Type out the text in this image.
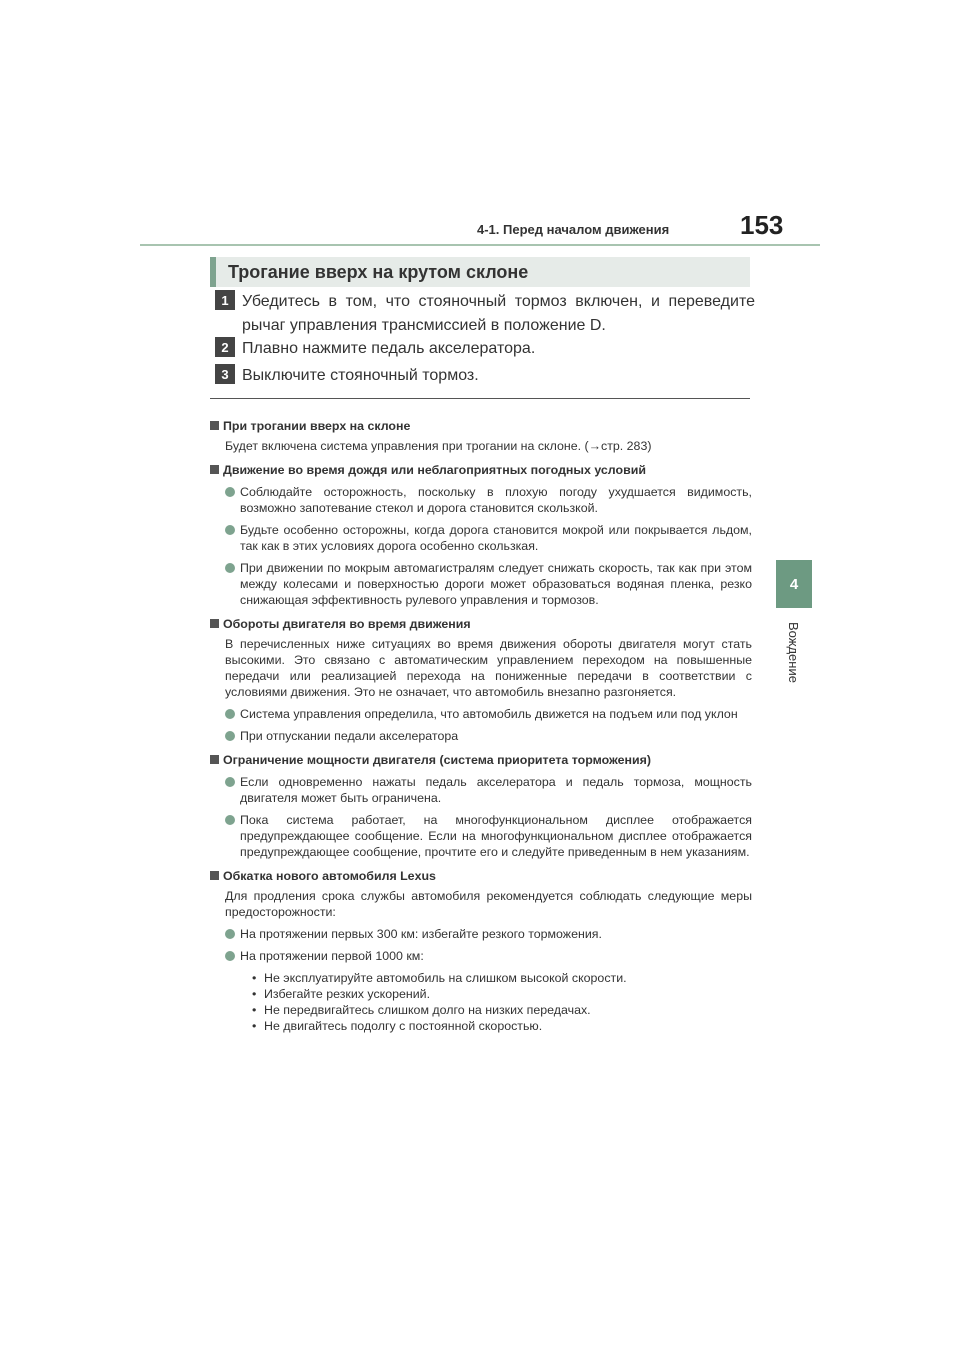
4-1. Перед началом движения	153
4
Вождение
Трогание вверх на крутом склоне
1 Убедитесь в том, что стояночный тормоз включен, и переведите рычаг управления трансмиссией в положение D.
2 Плавно нажмите педаль акселератора.
3 Выключите стояночный тормоз.
При трогании вверх на склоне
Будет включена система управления при трогании на склоне. (→стр. 283)
Движение во время дождя или неблагоприятных погодных условий
Соблюдайте осторожность, поскольку в плохую погоду ухудшается видимость, возможно запотевание стекол и дорога становится скользкой.
Будьте особенно осторожны, когда дорога становится мокрой или покрывается льдом, так как в этих условиях дорога особенно скользкая.
При движении по мокрым автомагистралям следует снижать скорость, так как при этом между колесами и поверхностью дороги может образоваться водяная пленка, резко снижающая эффективность рулевого управления и тормозов.
Обороты двигателя во время движения
В перечисленных ниже ситуациях во время движения обороты двигателя могут стать высокими. Это связано с автоматическим управлением переходом на повышенные передачи или реализацией перехода на пониженные передачи в соответствии с условиями движения. Это не означает, что автомобиль внезапно разгоняется.
Система управления определила, что автомобиль движется на подъем или под уклон
При отпускании педали акселератора
Ограничение мощности двигателя (система приоритета торможения)
Если одновременно нажаты педаль акселератора и педаль тормоза, мощность двигателя может быть ограничена.
Пока система работает, на многофункциональном дисплее отображается предупреждающее сообщение. Если на многофункциональном дисплее отображается предупреждающее сообщение, прочтите его и следуйте приведенным в нем указаниям.
Обкатка нового автомобиля Lexus
Для продления срока службы автомобиля рекомендуется соблюдать следующие меры предосторожности:
На протяжении первых 300 км: избегайте резкого торможения.
На протяжении первой 1000 км:
• Не эксплуатируйте автомобиль на слишком высокой скорости.
• Избегайте резких ускорений.
• Не передвигайтесь слишком долго на низких передачах.
• Не двигайтесь подолгу с постоянной скоростью.
